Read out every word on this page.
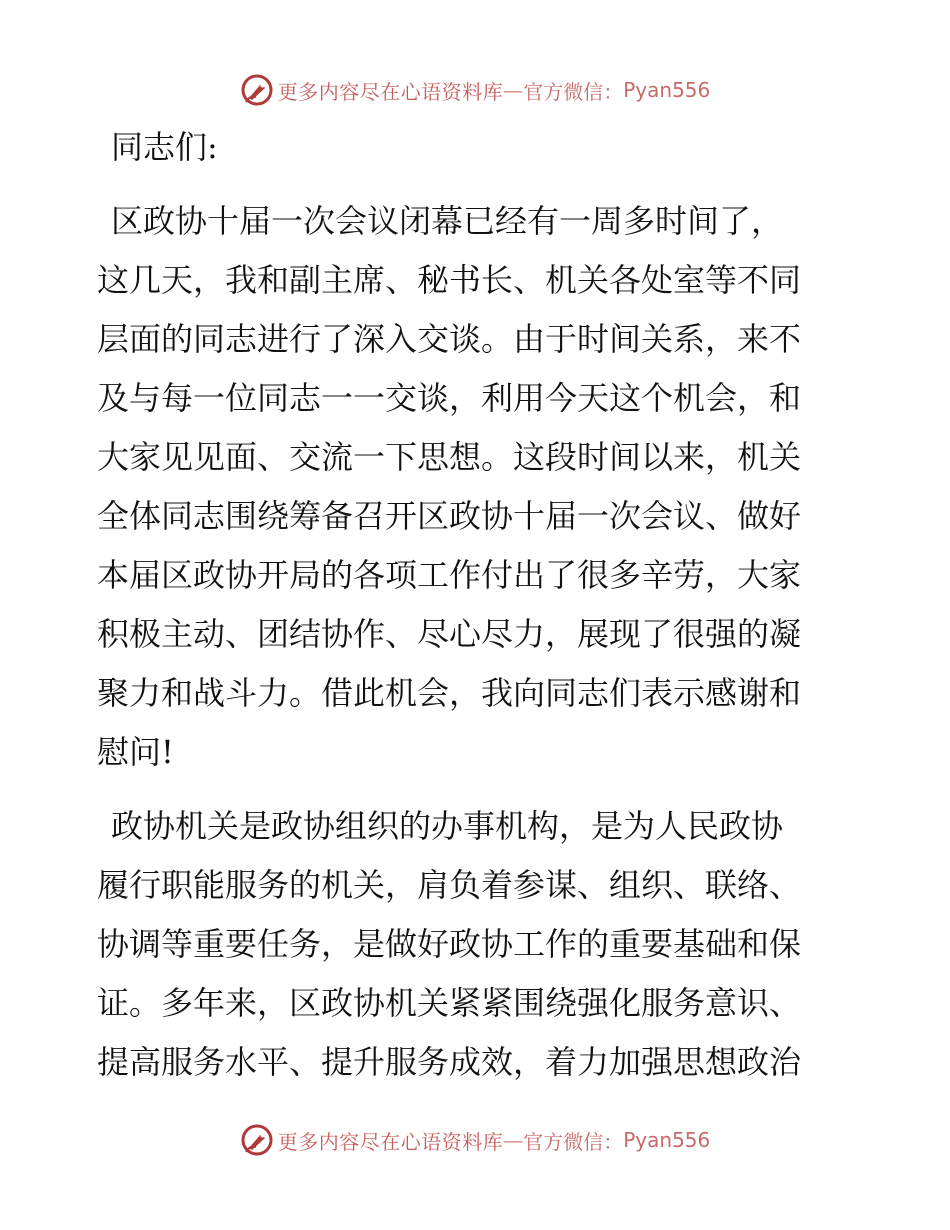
更多内容尽在心语资料库 — 官方微信： Pyan556
同志们:
区政协十届一次会议闭幕已经有一周多时间了，
这几天，我和副主席、秘书长、机关各处室等不同
层面的同志进行了深入交谈。由于时间关系，来不
及与每一位同志一一交谈，利用今天这个机会，和
大家见见面、交流一下思想。这段时间以来，机关
全体同志围绕筹备召开区政协十届一次会议、做好
本届区政协开局的各项工作付出了很多辛劳，大家
积极主动、团结协作、尽心尽力，展现了很强的凝
聚力和战斗力。借此机会，我向同志们表示感谢和
慰问!
政协机关是政协组织的办事机构，是为人民政协
履行职能服务的机关，肩负着参谋、组织、联络、
协调等重要任务，是做好政协工作的重要基础和保
证。多年来，区政协机关紧紧围绕强化服务意识、
提高服务水平、提升服务成效，着力加强思想政治
更多内容尽在心语资料库 — 官方微信： Pyan556
